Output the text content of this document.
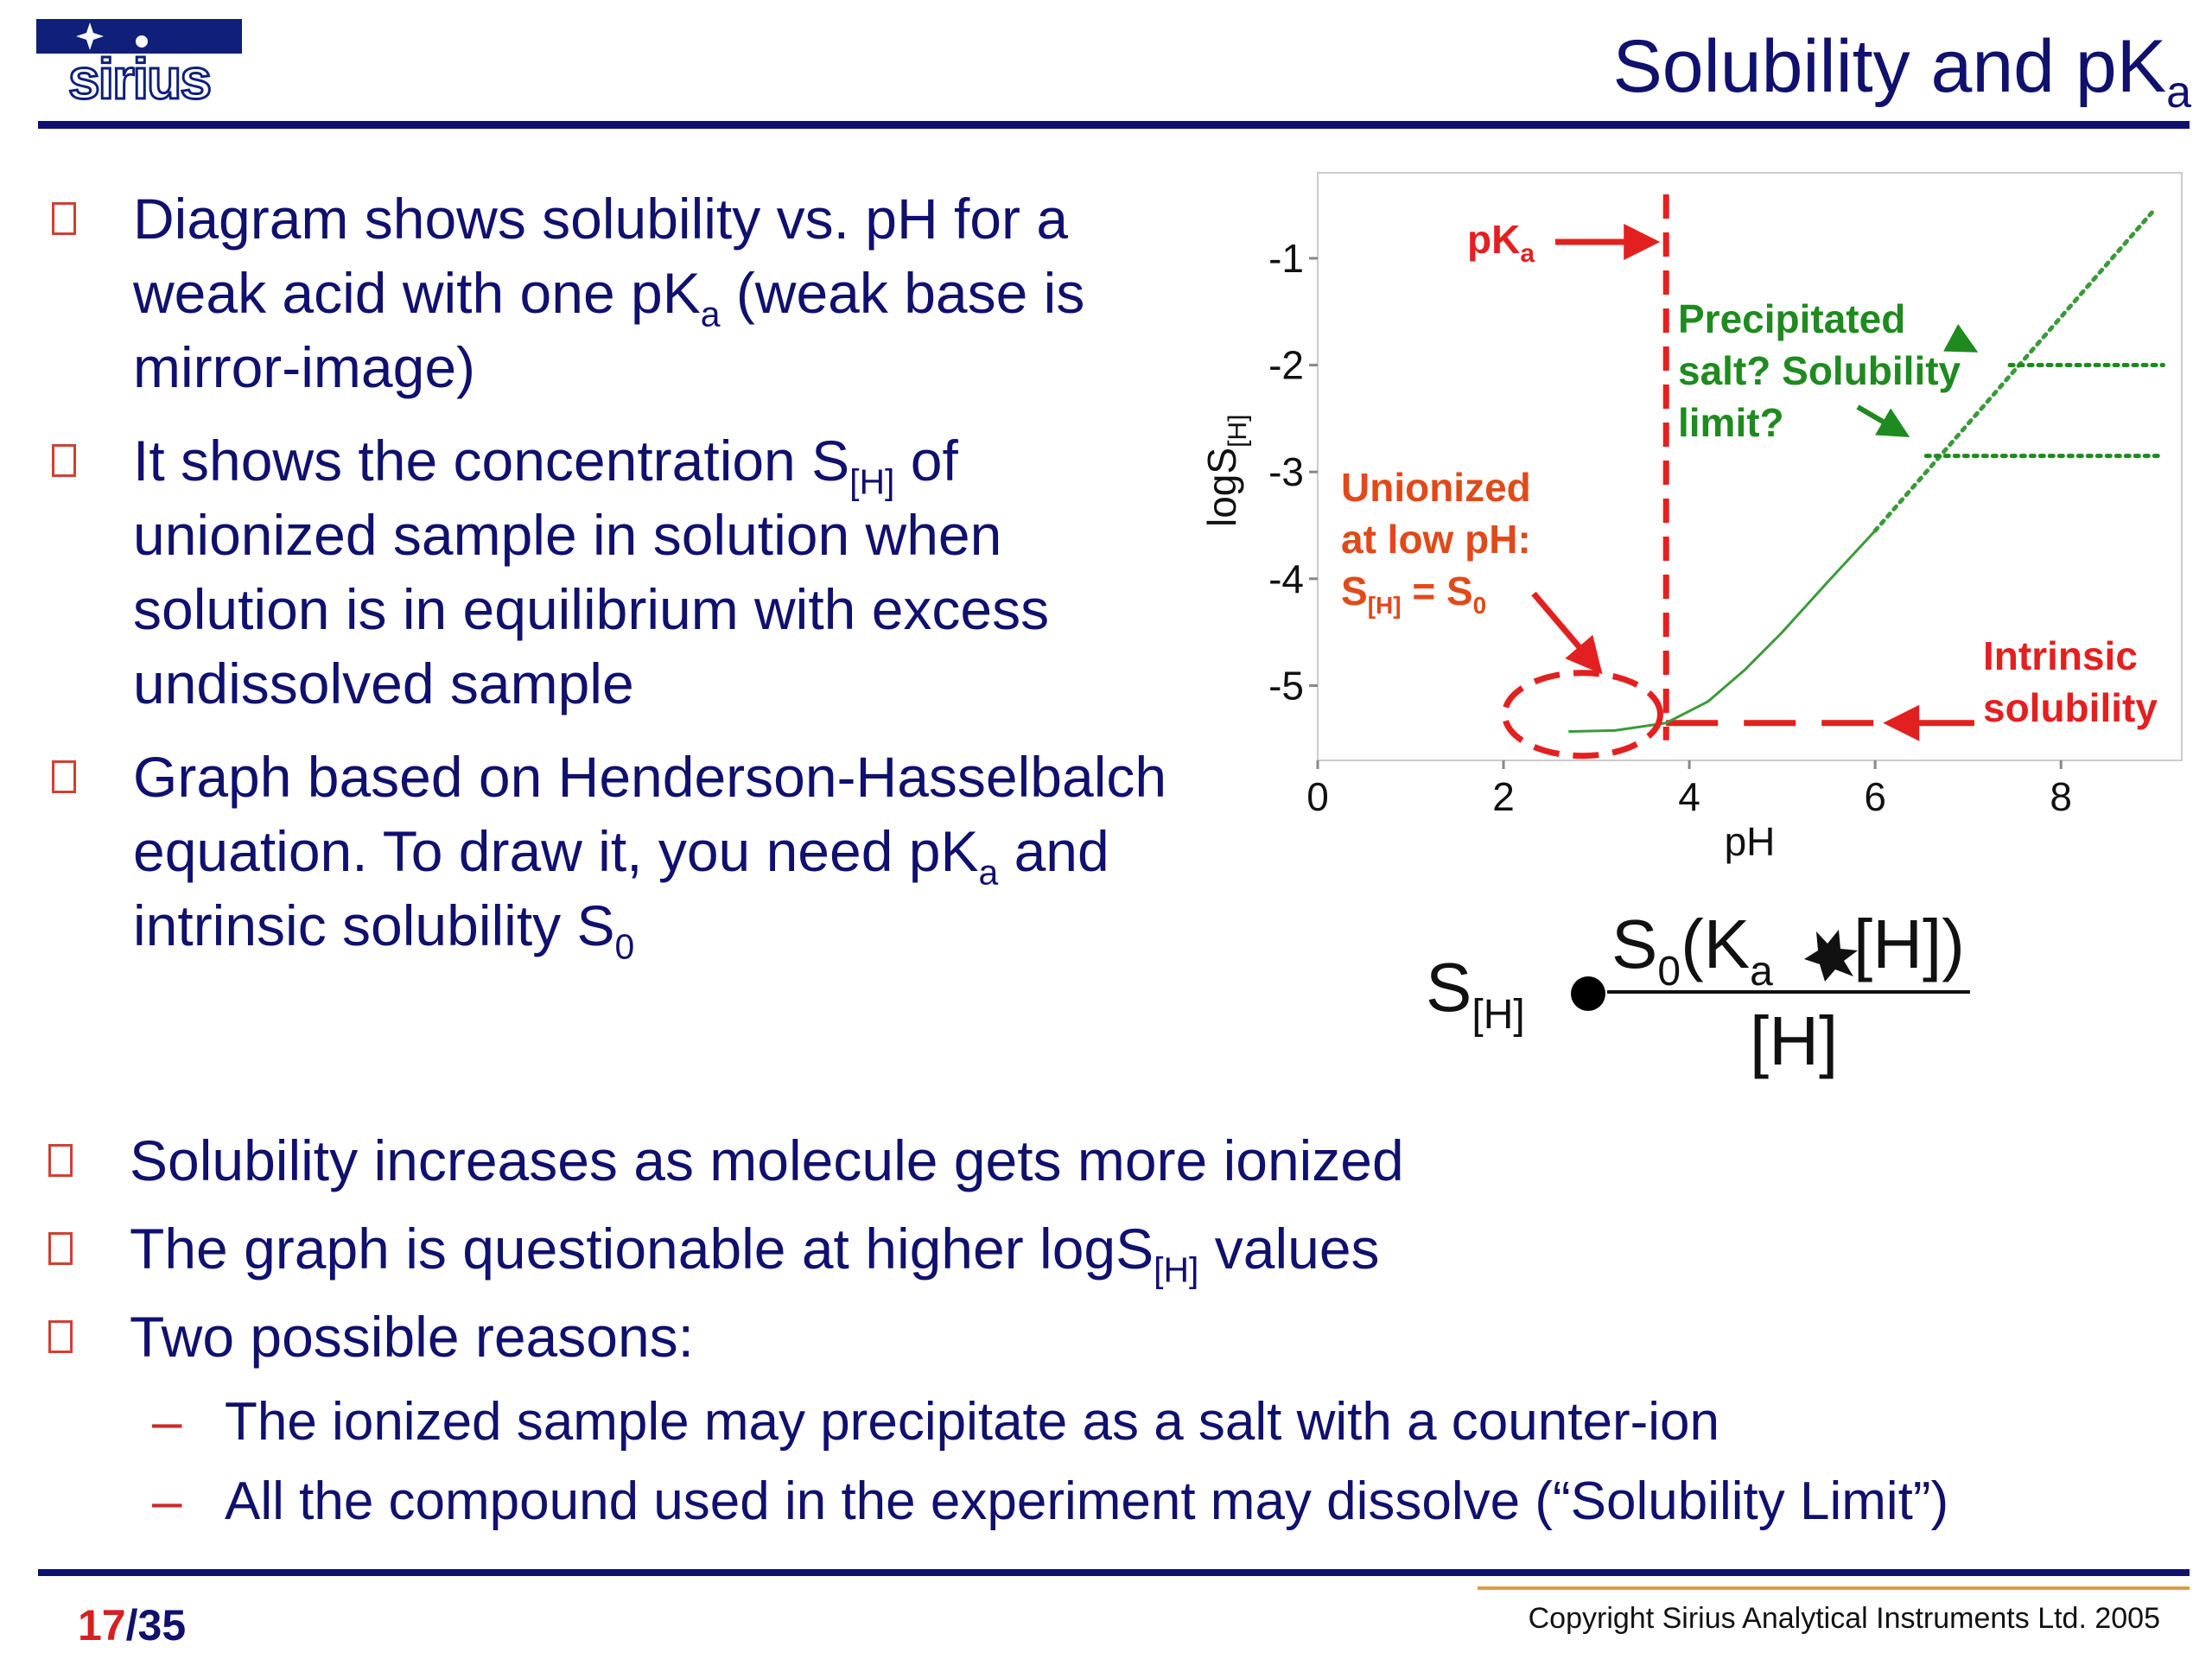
sirius	Solubility and $pK_a$
Diagram shows solubility vs. pH for a weak acid with one $pK_a$ (weak base is mirror-image)
It shows the concentration $S_{[H]}$ of unionized sample in solution when solution is in equilibrium with excess undissolved sample
Graph based on Henderson-Hasselbalch equation. To draw it, you need $pK_a$ and intrinsic solubility $S_0$
0	2	4	6	8
-1
-2
-3
-4
-5
pH
logS$_{[H]}$
$pK_a$
Precipitated
salt? Solubility
limit?
Unionized
at low pH:
$S_{[H]} = S_0$
Intrinsic
solubility
$S_{[H]}$
$S_0(K_a$ [H])
[H]
Solubility increases as molecule gets more ionized
The graph is questionable at higher logS$_{[H]}$ values
Two possible reasons:
– The ionized sample may precipitate as a salt with a counter-ion
– All the compound used in the experiment may dissolve (“Solubility Limit”)
17/35	Copyright Sirius Analytical Instruments Ltd. 2005
